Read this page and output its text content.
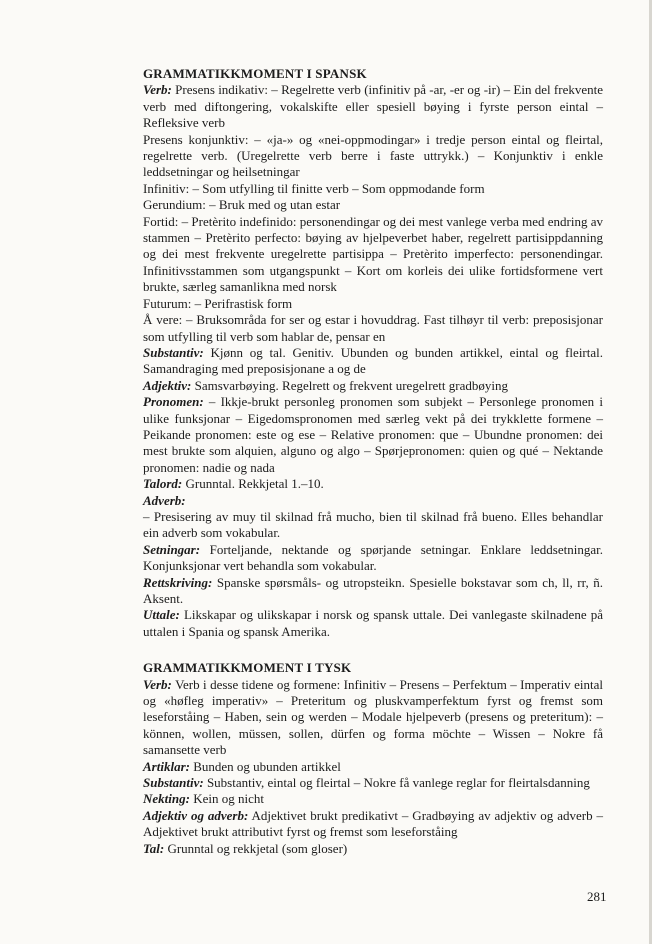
GRAMMATIKKMOMENT I SPANSK

Verb: Presens indikativ: – Regelrette verb (infinitiv på -ar, -er og -ir) – Ein del frekvente verb med diftongering, vokalskifte eller spesiell bøying i fyrste person eintal – Refleksive verb

Presens konjunktiv: – «ja-» og «nei-oppmodingar» i tredje person eintal og fleirtal, regelrette verb. (Uregelrette verb berre i faste uttrykk.) – Konjunktiv i enkle leddsetningar og heilsetningar

Infinitiv: – Som utfylling til finitte verb – Som oppmodande form

Gerundium: – Bruk med og utan estar

Fortid: – Pretèrito indefinido: personendingar og dei mest vanlege verba med endring av stammen – Pretèrito perfecto: bøying av hjelpeverbet haber, regelrett partisippdanning og dei mest frekvente uregelrette partisippa – Pretèrito imperfecto: personendingar. Infinitivsstammen som utgangspunkt – Kort om korleis dei ulike fortidsformene vert brukte, særleg samanlikna med norsk

Futurum: – Perifrastisk form

Å vere: – Bruksområda for ser og estar i hovuddrag. Fast tilhøyr til verb: preposisjonar som utfylling til verb som hablar de, pensar en

Substantiv: Kjønn og tal. Genitiv. Ubunden og bunden artikkel, eintal og fleirtal. Samandraging med preposisjonane a og de

Adjektiv: Samsvarbøying. Regelrett og frekvent uregelrett gradbøying

Pronomen: – Ikkje-brukt personleg pronomen som subjekt – Personlege pronomen i ulike funksjonar – Eigedomspronomen med særleg vekt på dei trykklette formene – Peikande pronomen: este og ese – Relative pronomen: que – Ubundne pronomen: dei mest brukte som alquien, alguno og algo – Spørjepronomen: quien og qué – Nektande pronomen: nadie og nada

Talord: Grunntal. Rekkjetal 1.–10.

Adverb:

– Presisering av muy til skilnad frå mucho, bien til skilnad frå bueno. Elles behandlar ein adverb som vokabular.

Setningar: Forteljande, nektande og spørjande setningar. Enklare leddsetningar. Konjunksjonar vert behandla som vokabular.

Rettskriving: Spanske spørsmåls- og utropsteikn. Spesielle bokstavar som ch, ll, rr, ñ. Aksent.

Uttale: Likskapar og ulikskapar i norsk og spansk uttale. Dei vanlegaste skilnadene på uttalen i Spania og spansk Amerika.

GRAMMATIKKMOMENT I TYSK

Verb: Verb i desse tidene og formene: Infinitiv – Presens – Perfektum – Imperativ eintal og «høfleg imperativ» – Preteritum og pluskvamperfektum fyrst og fremst som leseforståing – Haben, sein og werden – Modale hjelpeverb (presens og preteritum): – können, wollen, müssen, sollen, dürfen og forma möchte – Wissen – Nokre få samansette verb

Artiklar: Bunden og ubunden artikkel

Substantiv: Substantiv, eintal og fleirtal – Nokre få vanlege reglar for fleirtalsdanning

Nekting: Kein og nicht

Adjektiv og adverb: Adjektivet brukt predikativt – Gradbøying av adjektiv og adverb – Adjektivet brukt attributivt fyrst og fremst som leseforståing

Tal: Grunntal og rekkjetal (som gloser)

281
